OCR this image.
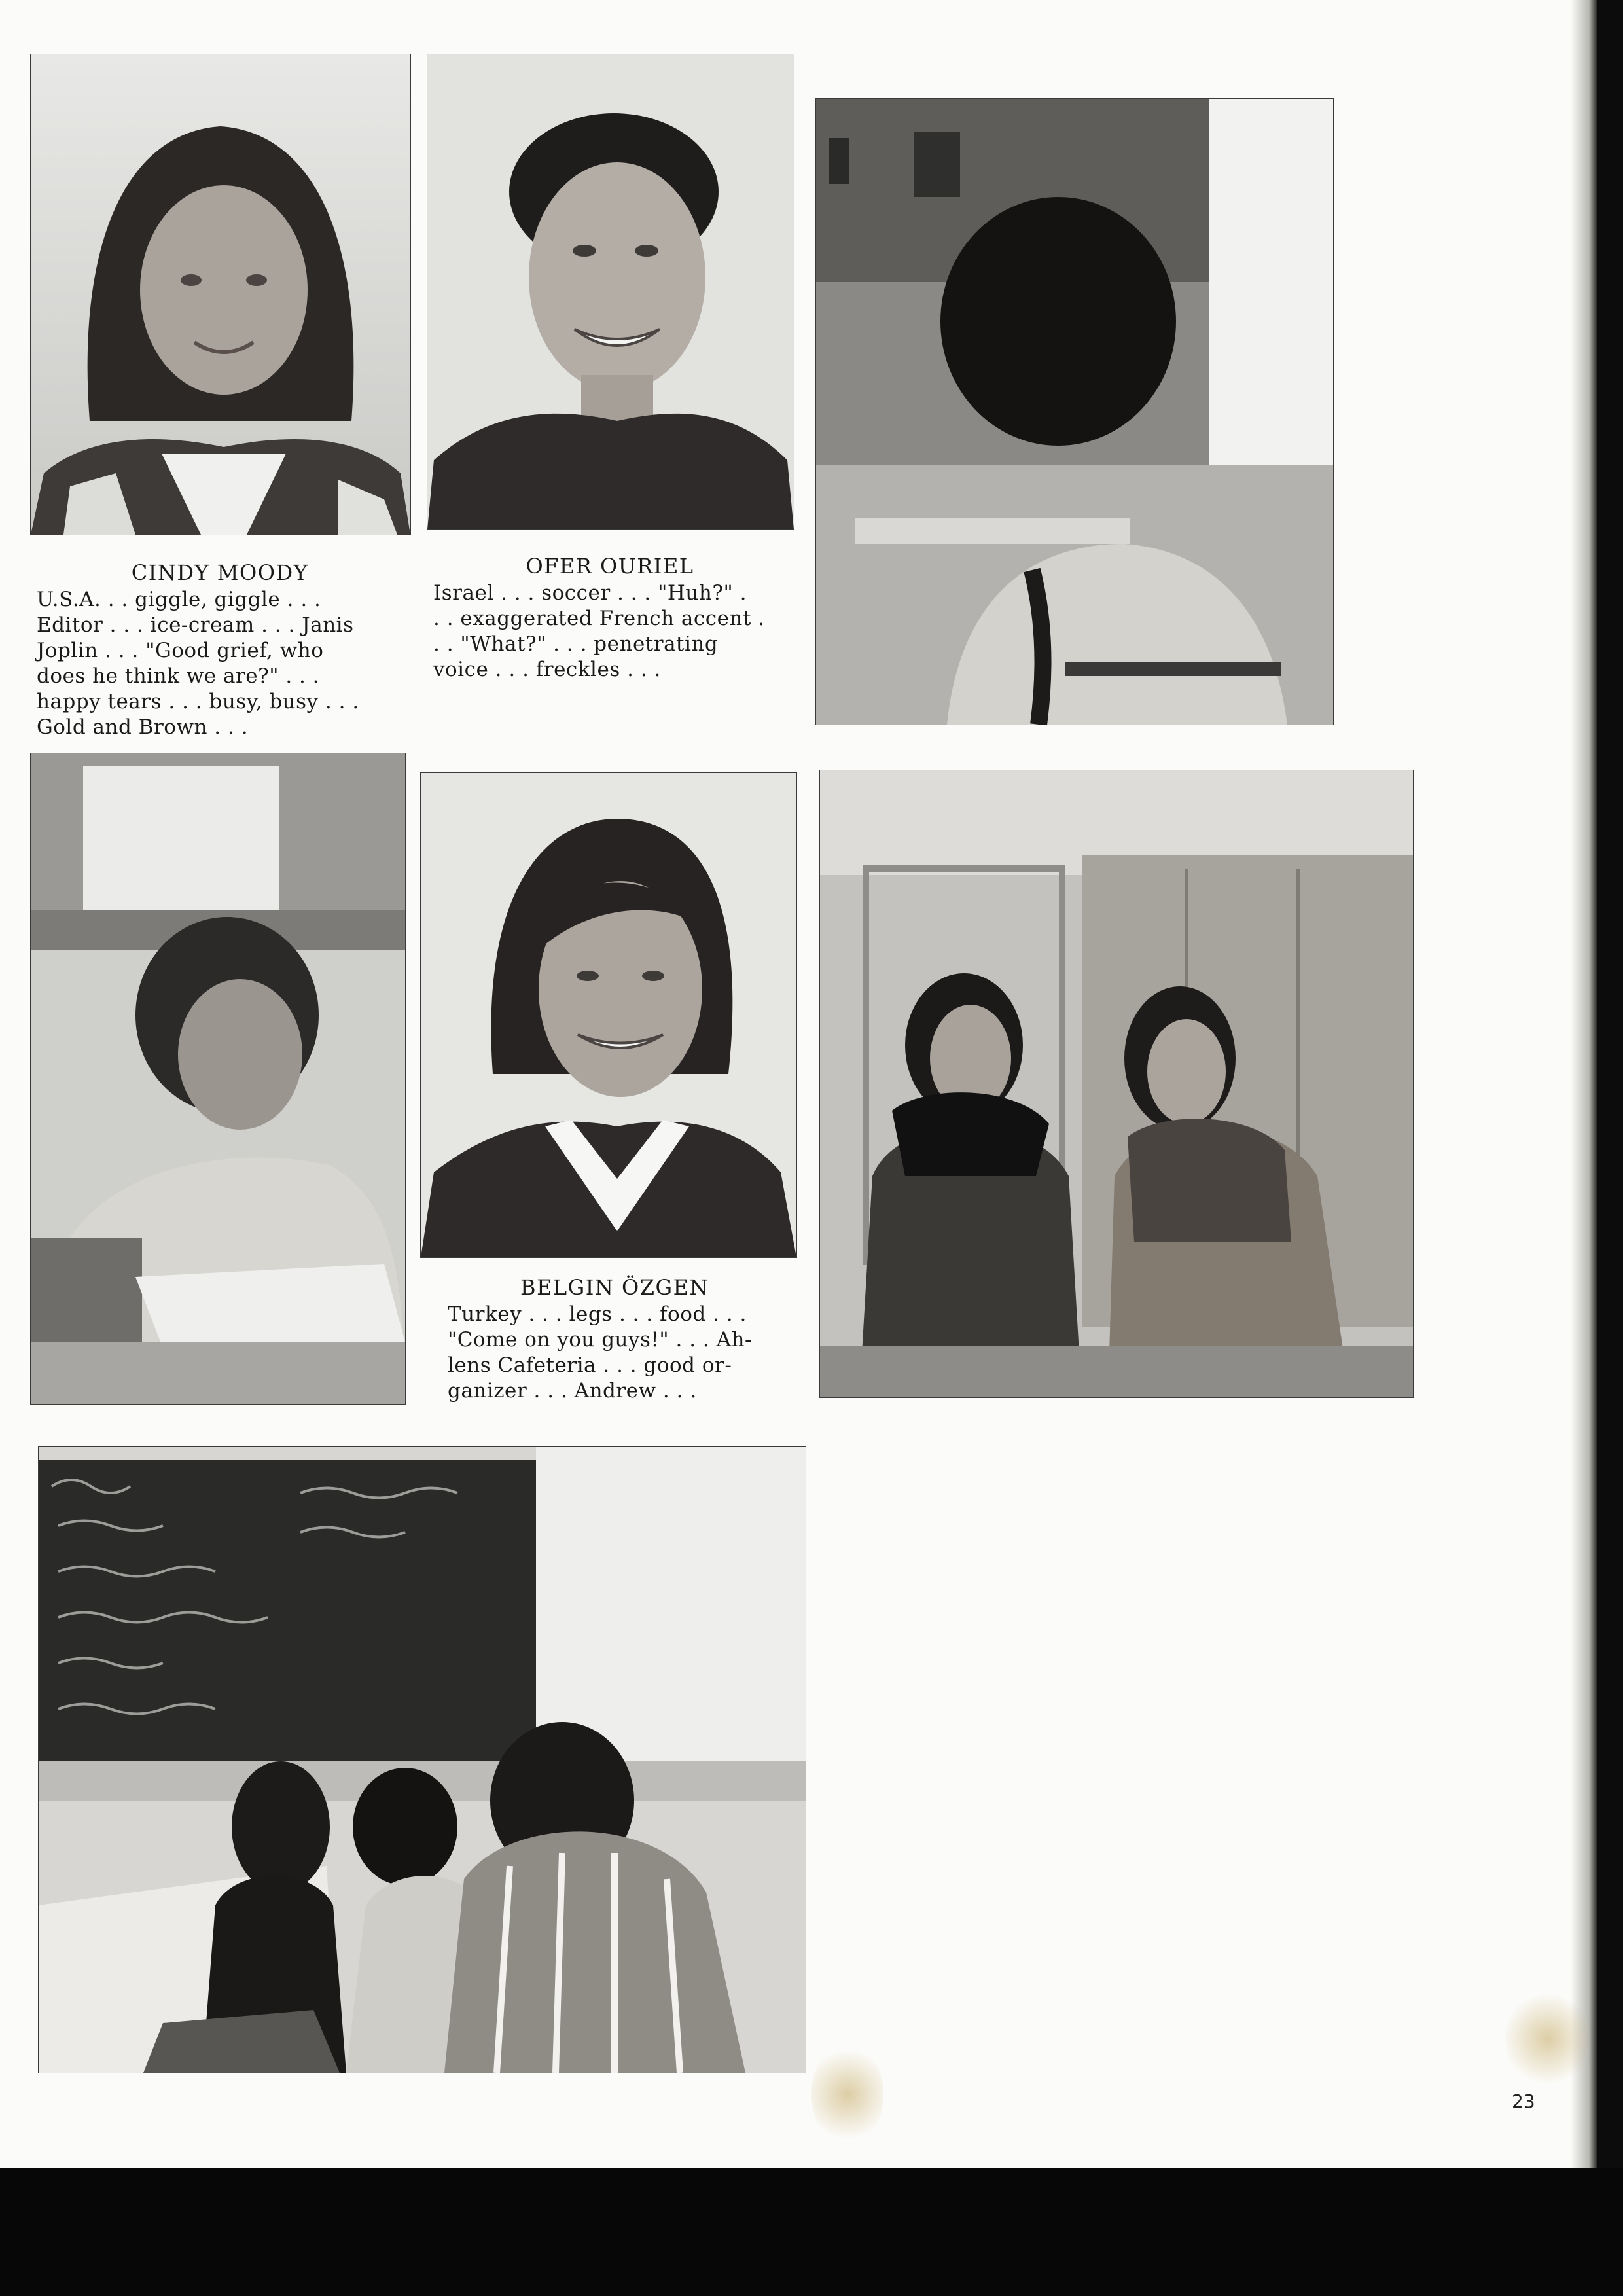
CINDY MOODY
U.S.A. . . giggle, giggle . . .
Editor . . . ice-cream . . . Janis
Joplin . . . "Good grief, who
does he think we are?" . . .
happy tears . . . busy, busy . . .
Gold and Brown . . .
OFER OURIEL
Israel . . . soccer . . . "Huh?" .
. . exaggerated French accent .
. . "What?" . . . penetrating
voice . . . freckles . . .
BELGIN ÖZGEN
Turkey . . . legs . . . food . . .
"Come on you guys!" . . . Ah-
lens Cafeteria . . . good or-
ganizer . . . Andrew . . .
23
